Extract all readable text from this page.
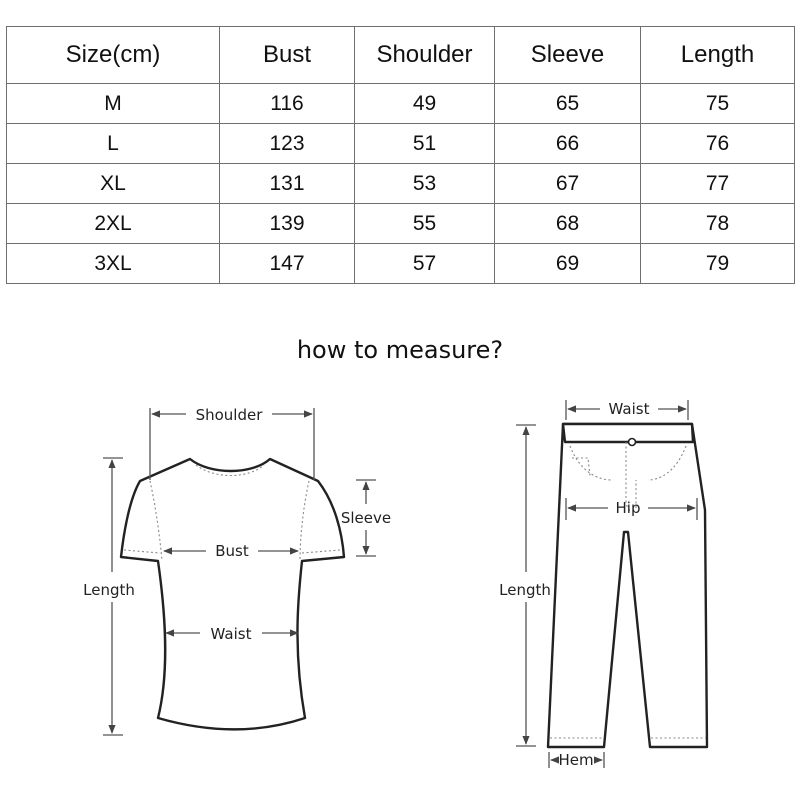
Size(cm)	Bust	Shoulder	Sleeve	Length
M	116	49	65	75
L	123	51	66	76
XL	131	53	67	77
2XL	139	55	68	78
3XL	147	57	69	79
how to measure?
Shoulder
Sleeve
Bust
Length
Waist
Waist
Hip
Length
Hem
